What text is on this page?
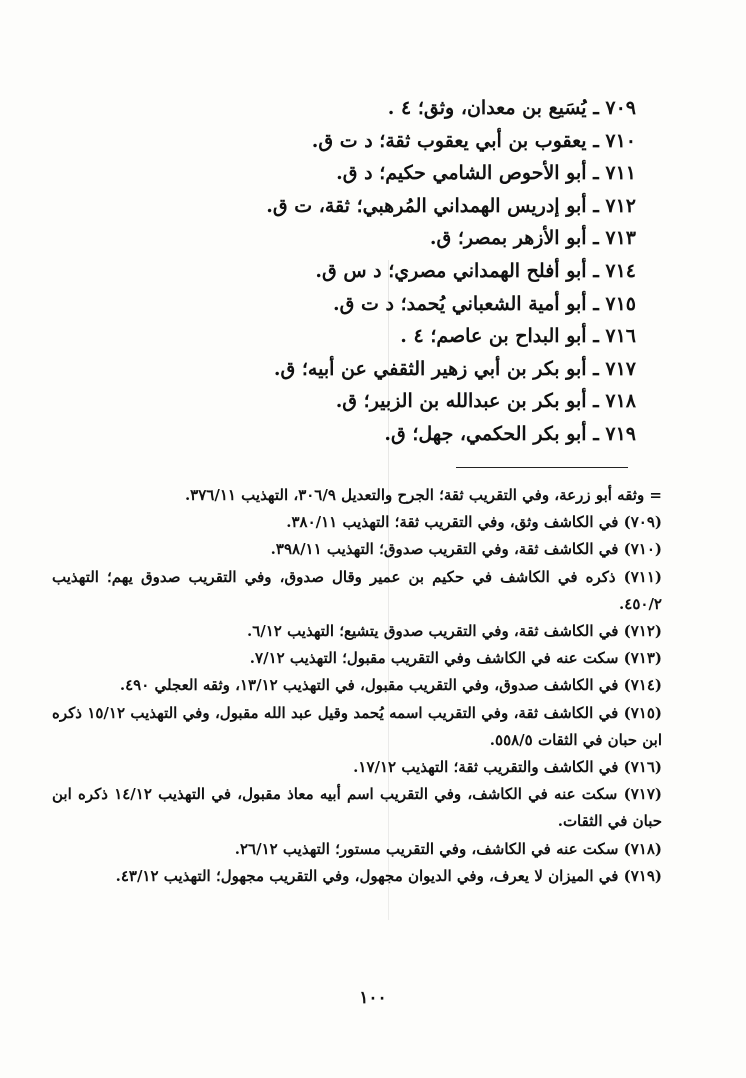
٧٠٩ ـ يُسَيع بن معدان، وثق؛ ٤ .
٧١٠ ـ يعقوب بن أبي يعقوب ثقة؛ د ت ق.
٧١١ ـ أبو الأحوص الشامي حكيم؛ د ق.
٧١٢ ـ أبو إدريس الهمداني المُرهبي؛ ثقة، ت ق.
٧١٣ ـ أبو الأزهر بمصر؛ ق.
٧١٤ ـ أبو أفلح الهمداني مصري؛ د س ق.
٧١٥ ـ أبو أمية الشعباني يُحمد؛ د ت ق.
٧١٦ ـ أبو البداح بن عاصم؛ ٤ .
٧١٧ ـ أبو بكر بن أبي زهير الثقفي عن أبيه؛ ق.
٧١٨ ـ أبو بكر بن عبدالله بن الزبير؛ ق.
٧١٩ ـ أبو بكر الحكمي، جهل؛ ق.

= وثقه أبو زرعة، وفي التقريب ثقة؛ الجرح والتعديل ٣٠٦/٩، التهذيب ٣٧٦/١١.

(٧٠٩) في الكاشف وثق، وفي التقريب ثقة؛ التهذيب ٣٨٠/١١.

(٧١٠) في الكاشف ثقة، وفي التقريب صدوق؛ التهذيب ٣٩٨/١١.

(٧١١) ذكره في الكاشف في حكيم بن عمير وقال صدوق، وفي التقريب صدوق يهم؛ التهذيب ٤٥٠/٢.

(٧١٢) في الكاشف ثقة، وفي التقريب صدوق يتشيع؛ التهذيب ٦/١٢.

(٧١٣) سكت عنه في الكاشف وفي التقريب مقبول؛ التهذيب ٧/١٢.

(٧١٤) في الكاشف صدوق، وفي التقريب مقبول، في التهذيب ١٣/١٢، وثقه العجلي ٤٩٠.

(٧١٥) في الكاشف ثقة، وفي التقريب اسمه يُحمد وقيل عبد الله مقبول، وفي التهذيب ١٥/١٢ ذكره ابن حبان في الثقات ٥٥٨/٥.

(٧١٦) في الكاشف والتقريب ثقة؛ التهذيب ١٧/١٢.

(٧١٧) سكت عنه في الكاشف، وفي التقريب اسم أبيه معاذ مقبول، في التهذيب ١٤/١٢ ذكره ابن حبان في الثقات.

(٧١٨) سكت عنه في الكاشف، وفي التقريب مستور؛ التهذيب ٢٦/١٢.

(٧١٩) في الميزان لا يعرف، وفي الديوان مجهول، وفي التقريب مجهول؛ التهذيب ٤٣/١٢.

١٠٠
